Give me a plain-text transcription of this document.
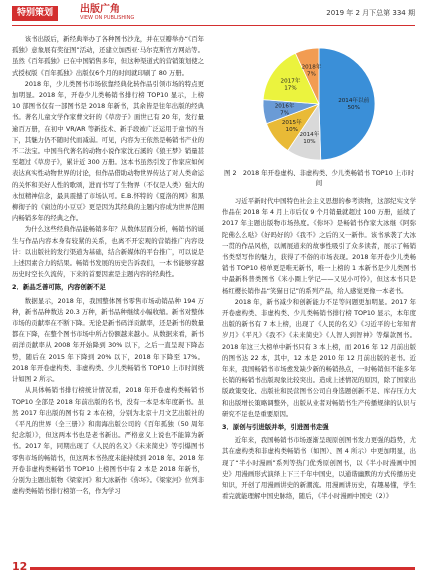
特别策划	出版广角
VIEW ON PUBLISHING
2019 年 2 月下总第 334 期

该书出版后，新经典举办了各种图书沙龙，并在豆瓣举办“《百年孤独》意象展有奖征图”活动，还建立加西亚·马尔克斯官方网站等。虽然《百年孤独》已在中国销售多年，但这种渠道式的营销策划使之式授权版《百年孤独》出版仅6个月的时间就印刷了 80 万册。

2018 年，少儿类图书市场依靠经典化转作品引领市场的特点更加明显。2018 年，开卷少儿类畅销书排行榜 TOP10 显示，上榜 10 部图书仅有一部图书是 2018 年新书，其余皆是往年出版的经典书。著名儿童文学作家曹文轩的《草房子》面世已有 20 年，发行量逾百万册，在初中 VR/AR 等新技术、新手段被广泛运用于童书的当下，其魅力仍不随时代而减弱。可见，内容为王依然是畅销书产业的不二法宝。中国当代著名的动物小说作家沈石溪的《狼王梦》销量甚至超过《草房子》，累计近 300 万册。这本书虽然引发了作家应如何表达真实性动物世界的讨论，但作品借助动物世界传达了对人类命运的关怀和美好人性的歌颂，进而书写了生物界（不仅是人类）强大的永恒精神信念，最具震撼了市场认可。E.B.怀特的《夏洛的网》和黑柳彻子的《窗边的小豆豆》更是因为其经典的主题内容成为世界范围内畅销多年的经典之作。

为什么这些经典作品能畅销多年？从数体层面分析，畅销书的诞生与作品内容本身有较紧的关系，也离不开宏观的营销推广内容设计：以出版社的发行渠道为基础，结合新媒体的平台推广，可以说是上述因素合力的结果。畅销书发展的历史告诉我们，一本书能够穿越历史时空长久流传，下来的首要因素是主题内容的经典性。

2．新品乏善可陈，内容创新不足

数据显示，2018 年，我国整体图书零售市场动销品种 194 万种，新书品种数达 20.3 万种，新书品种继续小幅收缩。新书对整体市场的贡献率在不断下降。无论是新书码洋贡献率，还是新书的数量都在下降，在整个图书市场中所占份额越来越小。从数据来看，新书码洋贡献率从 2008 年开始降到 30% 以下，之后一直呈现下降态势，随后在 2015 年下降到 20% 以下，2018 年下降至 17%。2018 年开卷虚构类、非虚构类、少儿类畅销书 TOP10 上市时间统计如图 2 所示。

从具体畅销书排行榜统计情况看，2018 年开卷虚构类畅销书 TOP10 全部是 2018 年前出版的名书，没有一本是本年度新书。虽然 2017 年出版的图书有 2 本在榜，分别为北京十月文艺出版社的《平凡的世界（全三册）》和南海出版公司的《百年孤独（50 周年纪念版）》，但这两本书也是老书新出。严格意义上说也不能算为新书。2017 年，同期出现了《人民的名义》《未来简史》等引爆图书零售市场的畅销书，但这两本书热度未能持续到 2018 年。2018 年开卷非虚构类畅销书 TOP10 上榜图书中有 2 本是 2018 年新书，分别为主题出版物《梁家河》和大冰新作《你坏》。《梁家河》位列非虚构类畅销书排行榜第一名，作为学习

2014年以前
50%
2014年
10%
2015年
10%
2016年
7%
2017年
17%
2018年
7%
图 2　2018 年开卷虚构、非虚构类、少儿类畅销书 TOP10 上市时间

习近平新时代中国特色社会主义思想的参考读物，这部纪实文学作品在 2018 年 4 月上市后仅 9 个月销量就超过 100 万册，延续了 2017 年主题出版物市场热度。《你坏》是畅销书作家大冰继《阿弥陀佛么么哒》《好吗好的》《我不》之后的又一新作。该书承袭了大冰一贯的作品风格，以阐展道来的故事性吸引了众多读者，展示了畅销书类型写作的魅力，获得了不俗的市场表现。2018 年开卷少儿类畅销书 TOP10 榜单更是唯无新书，唯一上榜的 1 本新书是少儿类图书中最新科普类图书《米小圈上学记——又见小可怜》，但这本书只是杨红樱长销作品“笑猫日记”的系列产品，给人感觉更像一本老书。

2018 年，新书减少和创新能力不足等问题更加明显。2017 年开卷虚构类、非虚构类、少儿类畅销书排行榜 TOP10 显示，本年度出版的新书有 7 本上榜，出现了《人民的名义》《习近平的七年知青岁月》《平凡》《我不》《未来简史》《人智人到智神》等爆款图书。2018 年这三大榜单中新书只有 3 本上榜，而 2016 年 12 月前出版的图书达 22 本，其中，12 本是 2010 年 12 月前出版的老书。近年来，我国畅销书市场愈发缺少新的畅销热点，一时畅销但不能多年长销的畅销书出版现象比较突出。造成上述情况的原因，除了国家出版政策变化、出版社和民营图书公司自身选题创新不足、库存压力大和出版增长策略调整外，出版从业者对畅销书生产传播规律的认识与研究不足也是重要原因。

3．原创与引进版并举，引进图书走强

近年来，我国畅销书市场逐渐呈现原创图书发力更强的趋势，尤其在虚构类和非虚构类畅销书（如图）、图 4 所示）中更加明显，出现了“半小时漫画”系列等热门优秀原创图书，以《半小时漫画中国史》用漫画形式演绎上下三千年中国史，以通谐幽默的方式传播历史知识，开创了用漫画讲史的新潮流。用漫画讲历史，有趣易懂，学生看完就能理解中国史脉络，随后，《半小时漫画中国史（2）》

12
